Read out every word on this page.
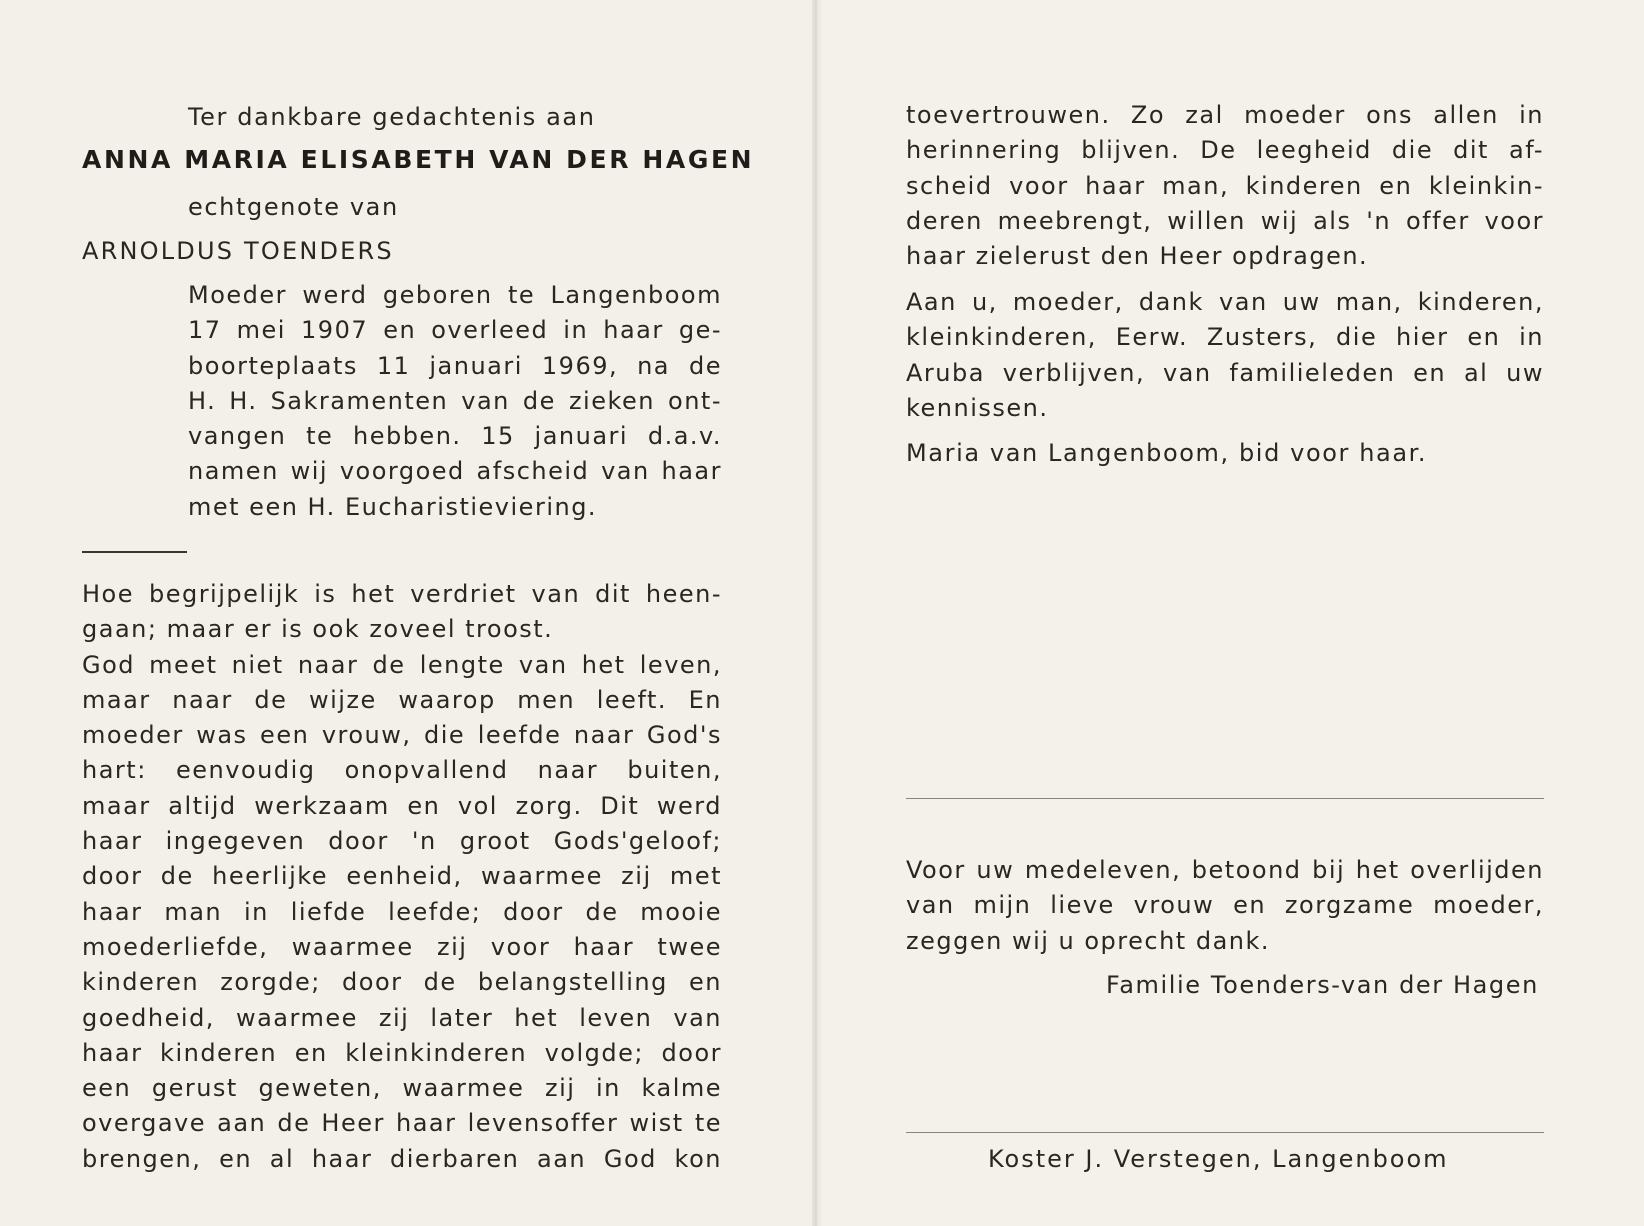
Ter dankbare gedachtenis aan
ANNA MARIA ELISABETH VAN DER HAGEN
echtgenote van
ARNOLDUS TOENDERS

Moeder werd geboren te Langenboom

17 mei 1907 en overleed in haar ge-

boorteplaats 11 januari 1969, na de

H. H. Sakramenten van de zieken ont-

vangen te hebben. 15 januari d.a.v.

namen wij voorgoed afscheid van haar

met een H. Eucharistieviering.

Hoe begrijpelijk is het verdriet van dit heen-

gaan; maar er is ook zoveel troost.

God meet niet naar de lengte van het leven,

maar naar de wijze waarop men leeft. En

moeder was een vrouw, die leefde naar God's

hart: eenvoudig onopvallend naar buiten,

maar altijd werkzaam en vol zorg. Dit werd

haar ingegeven door 'n groot Gods'geloof;

door de heerlijke eenheid, waarmee zij met

haar man in liefde leefde; door de mooie

moederliefde, waarmee zij voor haar twee

kinderen zorgde; door de belangstelling en

goedheid, waarmee zij later het leven van

haar kinderen en kleinkinderen volgde; door

een gerust geweten, waarmee zij in kalme

overgave aan de Heer haar levensoffer wist te

brengen, en al haar dierbaren aan God kon

toevertrouwen. Zo zal moeder ons allen in

herinnering blijven. De leegheid die dit af-

scheid voor haar man, kinderen en kleinkin-

deren meebrengt, willen wij als 'n offer voor

haar zielerust den Heer opdragen.

Aan u, moeder, dank van uw man, kinderen,

kleinkinderen, Eerw. Zusters, die hier en in

Aruba verblijven, van familieleden en al uw

kennissen.

Maria van Langenboom, bid voor haar.

Voor uw medeleven, betoond bij het overlijden

van mijn lieve vrouw en zorgzame moeder,

zeggen wij u oprecht dank.

Familie Toenders-van der Hagen
Koster J. Verstegen, Langenboom
